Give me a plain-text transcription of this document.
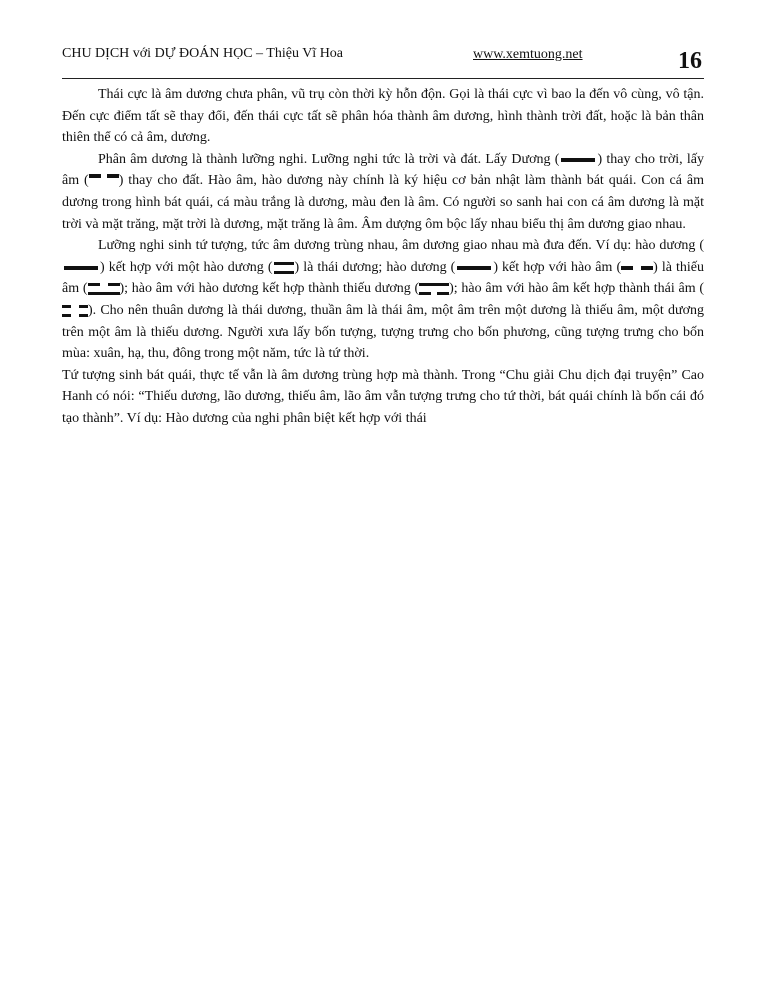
CHU DỊCH với DỰ ĐOÁN HỌC – Thiệu Vĩ Hoa	www.xemtuong.net	16

Thái cực là âm dương chưa phân, vũ trụ còn thời kỳ hỗn độn. Gọi là thái cực vì bao la đến vô cùng, vô tận. Đến cực điểm tất sẽ thay đổi, đến thái cực tất sẽ phân hóa thành âm dương, hình thành trời đất, hoặc là bản thân thiên thể có cả âm, dương.

Phân âm dương là thành lưỡng nghi. Lưỡng nghi tức là trời và đát. Lấy Dương (	) thay cho trời, lấy âm ( ) thay cho đất. Hào âm, hào dương này chính là ký hiệu cơ bản nhật làm thành bát quái. Con cá âm dương trong hình bát quái, cá màu trắng là dương, màu đen là âm. Có người so sanh hai con cá âm dương là mặt trời và mặt trăng, mặt trời là dương, mặt trăng là âm. Âm dượng ôm bộc lấy nhau biểu thị âm dương giao nhau.

Lưỡng nghi sinh tứ tượng, tức âm dương trùng nhau, âm dương giao nhau mà đưa đến. Ví dụ: hào dương (
) kết hợp với một hào dương ( ) là thái dương; hào dương (	) kết hợp với hào âm ( ) là thiếu âm ( ); hào âm với hào dương kết hợp thành thiếu dương ( ); hào âm với hào âm kết hợp thành thái âm (
). Cho nên thuân dương là thái dương, thuần âm là thái âm, một âm trên một dương là thiếu âm, một dương trên một âm là thiếu dương. Người xưa lấy bốn tượng, tượng trưng cho bốn phương, cũng tượng trưng cho bốn mùa: xuân, hạ, thu, đông trong một năm, tức là tứ thời.

Tứ tượng sinh bát quái, thực tế vẫn là âm dương trùng hợp mà thành. Trong “Chu giải Chu dịch đại truyện” Cao Hanh có nói: “Thiếu dương, lão dương, thiếu âm, lão âm vẫn tượng trưng cho tứ thời, bát quái chính là bốn cái đó tạo thành”. Ví dụ: Hào dương của nghi phân biệt kết hợp với thái
